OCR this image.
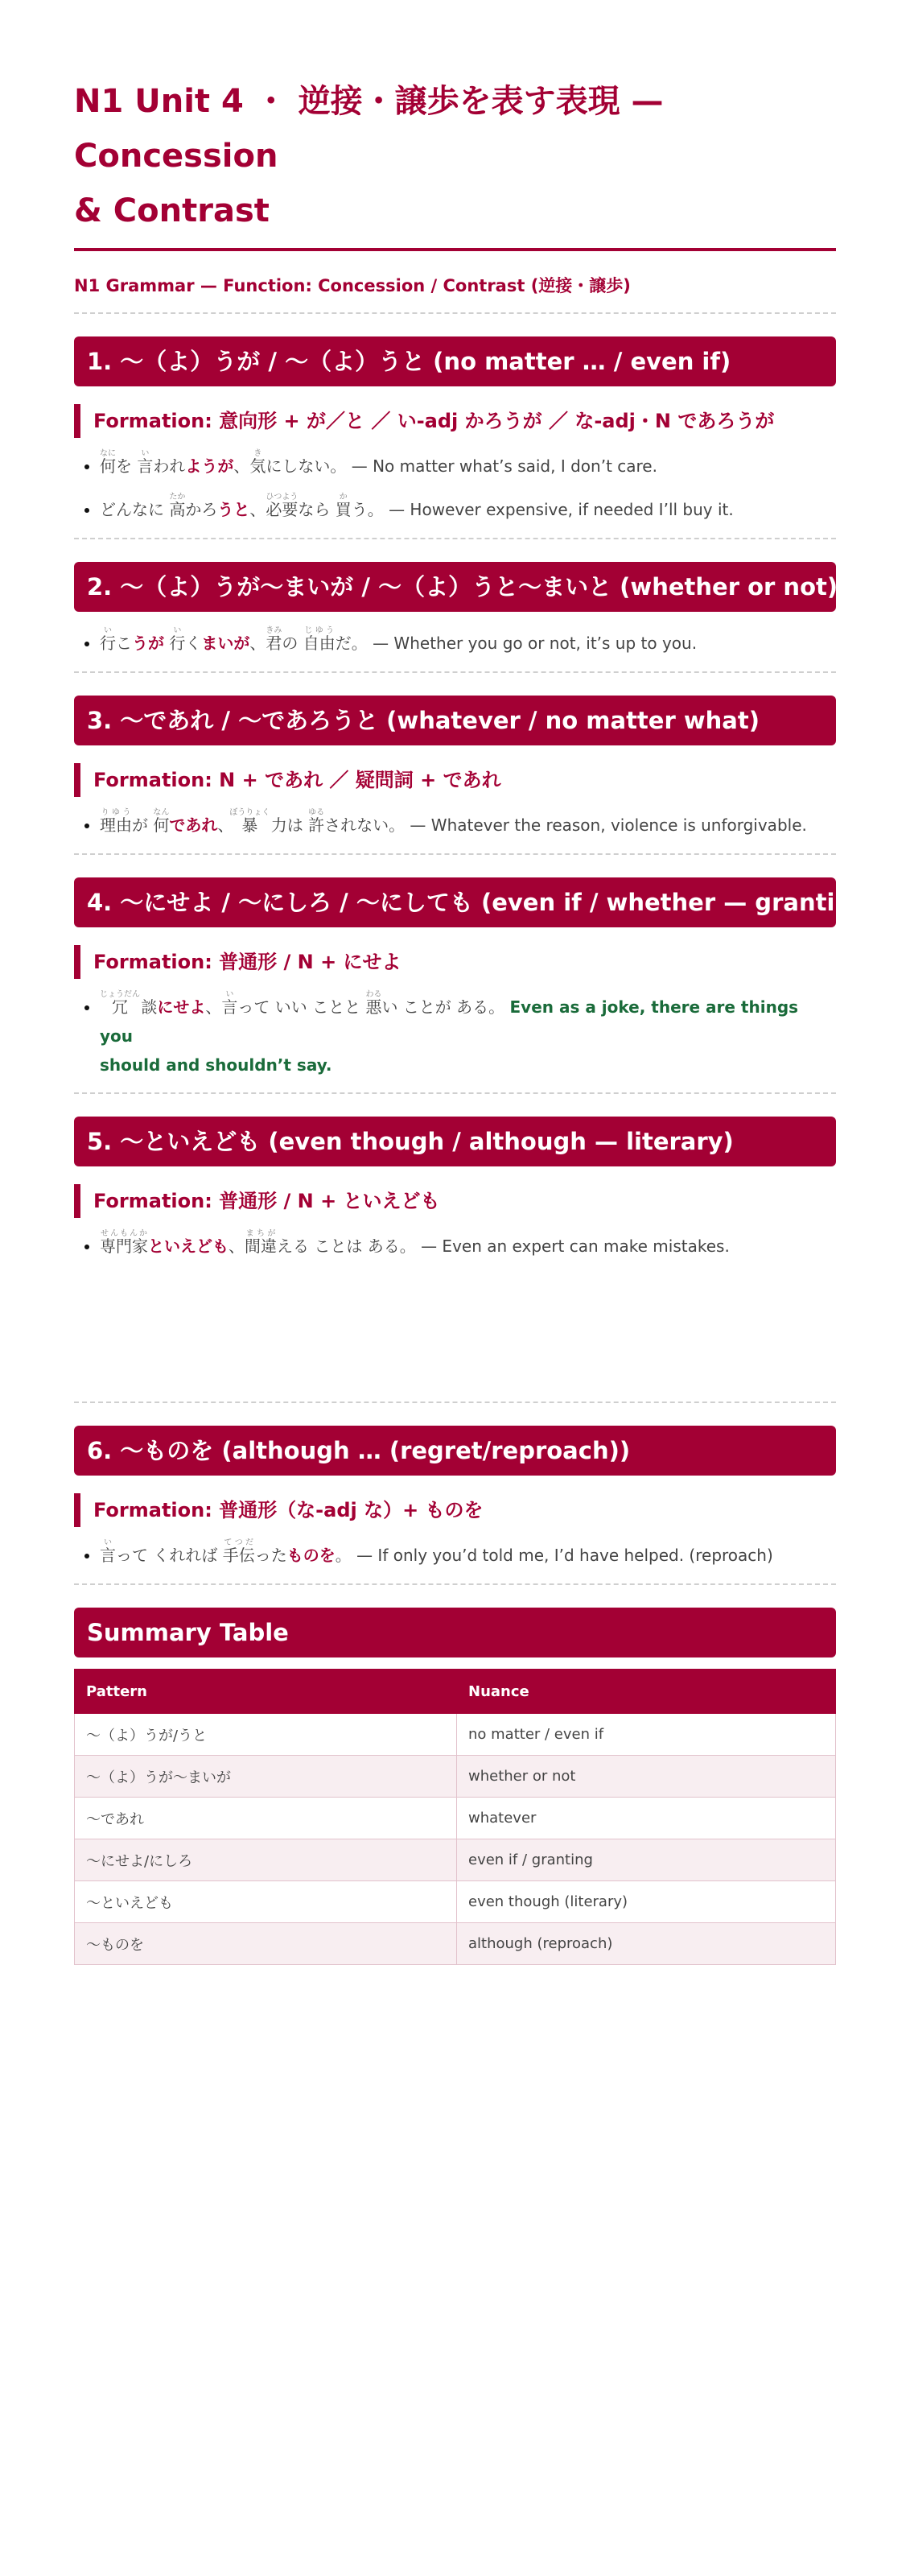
N1 Unit 4 ・ 逆接・譲歩を表す表現 — Concession
& Contrast
N1 Grammar — Function: Concession / Contrast (逆接・譲歩)
1. 〜（よ）うが / 〜（よ）うと (no matter … / even if)
Formation: 意向形 + が／と ／ い-adj かろうが ／ な-adj・N であろうが
• 何なにを 言いわれようが、気きにしない。 — No matter what’s said, I don’t care.
• どんなに 高たかかろうと、必要ひつようなら 買かう。 — However expensive, if needed I’ll buy it.
2. 〜（よ）うが〜まいが / 〜（よ）うと〜まいと (whether or not)
• 行いこうが 行いくまいが、君きみの 自由じゆうだ。 — Whether you go or not, it’s up to you.
3. 〜であれ / 〜であろうと (whatever / no matter what)
Formation: N + であれ ／ 疑問詞 + であれ
• 理由りゆうが 何なんであれ、暴ぼうりょく 力は 許ゆるされない。 — Whatever the reason, violence is unforgivable.
4. 〜にせよ / 〜にしろ / 〜にしても (even if / whether — granting)
Formation: 普通形 / N + にせよ
• 冗じょうだん 談にせよ、言いって いい ことと 悪わるい ことが ある。 Even as a joke, there are things you
should and shouldn’t say.
5. 〜といえども (even though / although — literary)
Formation: 普通形 / N + といえども
• 専門家せんもんかといえども、間違まちがえる ことは ある。 — Even an expert can make mistakes.
6. 〜ものを (although … (regret/reproach))
Formation: 普通形（な-adj な）+ ものを
• 言いって くれれば 手伝てつだったものを。 — If only you’d told me, I’d have helped. (reproach)
Summary Table
Pattern	Nuance
〜（よ）うが/うと	no matter / even if
〜（よ）うが〜まいが	whether or not
〜であれ	whatever
〜にせよ/にしろ	even if / granting
〜といえども	even though (literary)
〜ものを	although (reproach)
